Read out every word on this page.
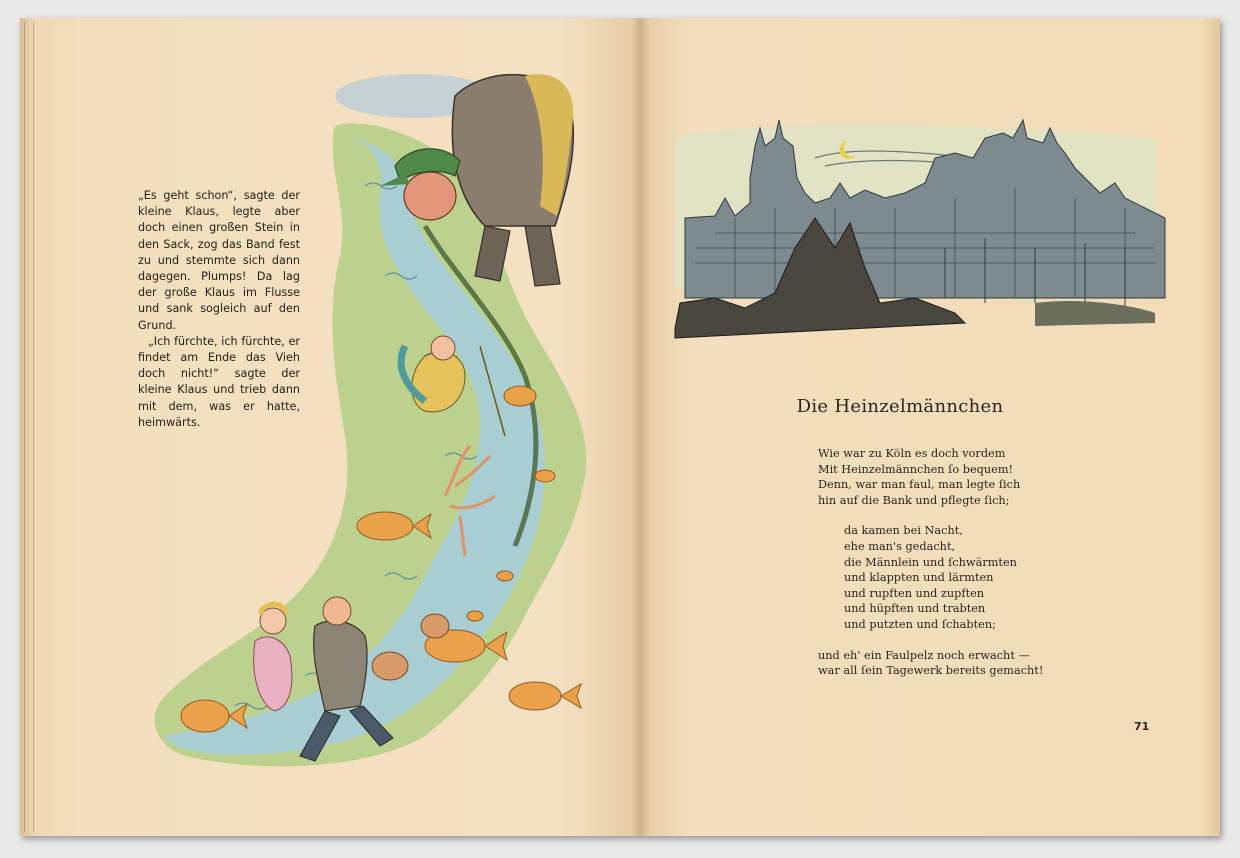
„Es geht schon“, sagte der kleine Klaus, legte aber doch einen großen Stein in den Sack, zog das Band fest zu und stemmte sich dann dagegen. Plumps! Da lag der große Klaus im Flusse und sank sogleich auf den Grund.

„Ich fürchte, ich fürchte, er findet am Ende das Vieh doch nicht!“ sagte der kleine Klaus und trieb dann mit dem, was er hatte, heimwärts.

Die Heinzelmännchen
Wie war zu Köln es doch vordem
Mit Heinzelmännchen ſo bequem!
Denn, war man faul, man legte ſich
hin auf die Bank und pflegte ſich;
da kamen bei Nacht,
ehe man's gedacht,
die Männlein und ſchwärmten
und klappten und lärmten
und rupften und zupften
und hüpften und trabten
und putzten und ſchabten;
und eh' ein Faulpelz noch erwacht —
war all ſein Tagewerk bereits gemacht!
71
